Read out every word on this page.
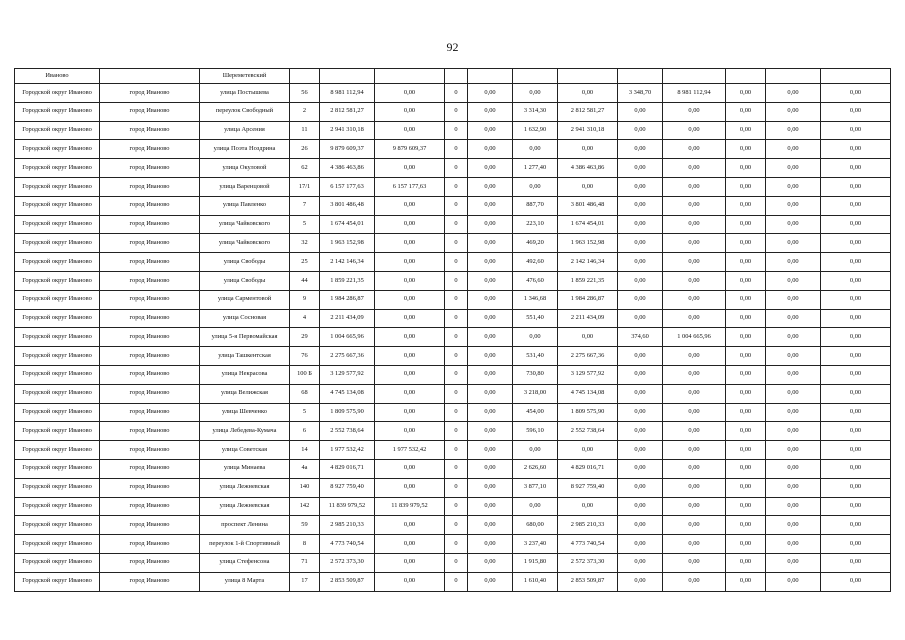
92
Иваново		Шереметевский												
Городской округ Иваново	город Иваново	улица Постышева	56	8 981 112,94	0,00	0	0,00	0,00	0,00	3 348,70	8 981 112,94	0,00	0,00	0,00
Городской округ Иваново	город Иваново	переулок Свободный	2	2 812 581,27	0,00	0	0,00	3 314,30	2 812 581,27	0,00	0,00	0,00	0,00	0,00
Городской округ Иваново	город Иваново	улица Арсения	11	2 941 310,18	0,00	0	0,00	1 632,90	2 941 310,18	0,00	0,00	0,00	0,00	0,00
Городской округ Иваново	город Иваново	улица Поэта Ноздрина	26	9 879 609,37	9 879 609,37	0	0,00	0,00	0,00	0,00	0,00	0,00	0,00	0,00
Городской округ Иваново	город Иваново	улица Окуловой	62	4 386 463,86	0,00	0	0,00	1 277,40	4 386 463,86	0,00	0,00	0,00	0,00	0,00
Городской округ Иваново	город Иваново	улица Варенцовой	17/1	6 157 177,63	6 157 177,63	0	0,00	0,00	0,00	0,00	0,00	0,00	0,00	0,00
Городской округ Иваново	город Иваново	улица Павленко	7	3 801 486,48	0,00	0	0,00	887,70	3 801 486,48	0,00	0,00	0,00	0,00	0,00
Городской округ Иваново	город Иваново	улица Чайковского	5	1 674 454,01	0,00	0	0,00	223,10	1 674 454,01	0,00	0,00	0,00	0,00	0,00
Городской округ Иваново	город Иваново	улица Чайковского	32	1 963 152,98	0,00	0	0,00	469,20	1 963 152,98	0,00	0,00	0,00	0,00	0,00
Городской округ Иваново	город Иваново	улица Свободы	25	2 142 146,34	0,00	0	0,00	492,60	2 142 146,34	0,00	0,00	0,00	0,00	0,00
Городской округ Иваново	город Иваново	улица Свободы	44	1 859 221,35	0,00	0	0,00	476,60	1 859 221,35	0,00	0,00	0,00	0,00	0,00
Городской округ Иваново	город Иваново	улица Сарментовой	9	1 984 286,87	0,00	0	0,00	1 346,68	1 984 286,87	0,00	0,00	0,00	0,00	0,00
Городской округ Иваново	город Иваново	улица Сосновая	4	2 211 434,09	0,00	0	0,00	551,40	2 211 434,09	0,00	0,00	0,00	0,00	0,00
Городской округ Иваново	город Иваново	улица 5-я Первомайская	29	1 004 665,96	0,00	0	0,00	0,00	0,00	374,60	1 004 665,96	0,00	0,00	0,00
Городской округ Иваново	город Иваново	улица Ташкентская	76	2 275 667,36	0,00	0	0,00	531,40	2 275 667,36	0,00	0,00	0,00	0,00	0,00
Городской округ Иваново	город Иваново	улица Некрасова	100 Б	3 129 577,92	0,00	0	0,00	730,80	3 129 577,92	0,00	0,00	0,00	0,00	0,00
Городской округ Иваново	город Иваново	улица Велижская	68	4 745 134,08	0,00	0	0,00	3 218,00	4 745 134,08	0,00	0,00	0,00	0,00	0,00
Городской округ Иваново	город Иваново	улица Шевченко	5	1 809 575,90	0,00	0	0,00	454,00	1 809 575,90	0,00	0,00	0,00	0,00	0,00
Городской округ Иваново	город Иваново	улица Лебедева-Кумача	6	2 552 738,64	0,00	0	0,00	596,10	2 552 738,64	0,00	0,00	0,00	0,00	0,00
Городской округ Иваново	город Иваново	улица Советская	14	1 977 532,42	1 977 532,42	0	0,00	0,00	0,00	0,00	0,00	0,00	0,00	0,00
Городской округ Иваново	город Иваново	улица Минаева	4а	4 829 016,71	0,00	0	0,00	2 626,60	4 829 016,71	0,00	0,00	0,00	0,00	0,00
Городской округ Иваново	город Иваново	улица Лежневская	140	8 927 759,40	0,00	0	0,00	3 877,10	8 927 759,40	0,00	0,00	0,00	0,00	0,00
Городской округ Иваново	город Иваново	улица Лежневская	142	11 839 979,52	11 839 979,52	0	0,00	0,00	0,00	0,00	0,00	0,00	0,00	0,00
Городской округ Иваново	город Иваново	проспект Ленина	59	2 985 210,33	0,00	0	0,00	680,00	2 985 210,33	0,00	0,00	0,00	0,00	0,00
Городской округ Иваново	город Иваново	переулок 1-й Спортивный	8	4 773 740,54	0,00	0	0,00	3 237,40	4 773 740,54	0,00	0,00	0,00	0,00	0,00
Городской округ Иваново	город Иваново	улица Стефенсона	71	2 572 373,30	0,00	0	0,00	1 915,80	2 572 373,30	0,00	0,00	0,00	0,00	0,00
Городской округ Иваново	город Иваново	улица 8 Марта	17	2 853 509,87	0,00	0	0,00	1 610,40	2 853 509,87	0,00	0,00	0,00	0,00	0,00
